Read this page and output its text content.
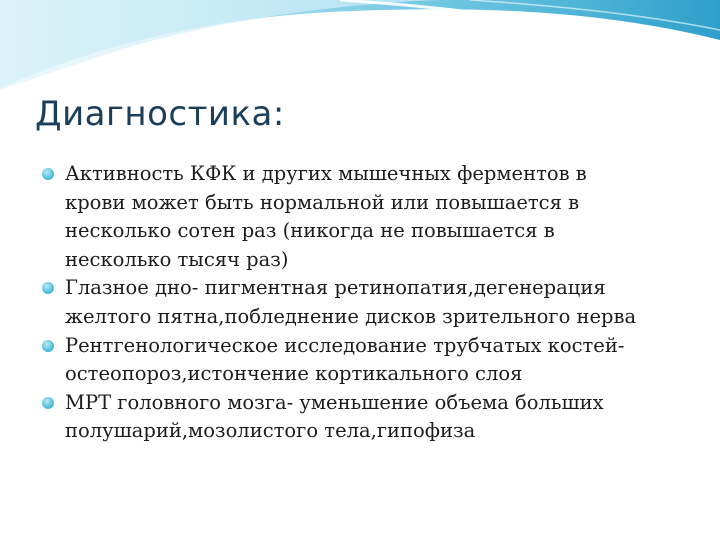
Диагностика:
Активность КФК и других мышечных ферментов в
крови может быть нормальной или повышается в
несколько сотен раз (никогда не повышается в
несколько тысяч раз)
Глазное дно- пигментная ретинопатия,дегенерация
желтого пятна,побледнение дисков зрительного нерва
Рентгенологическое исследование трубчатых костей-
остеопороз,истончение кортикального слоя
МРТ головного мозга- уменьшение объема больших
полушарий,мозолистого тела,гипофиза
